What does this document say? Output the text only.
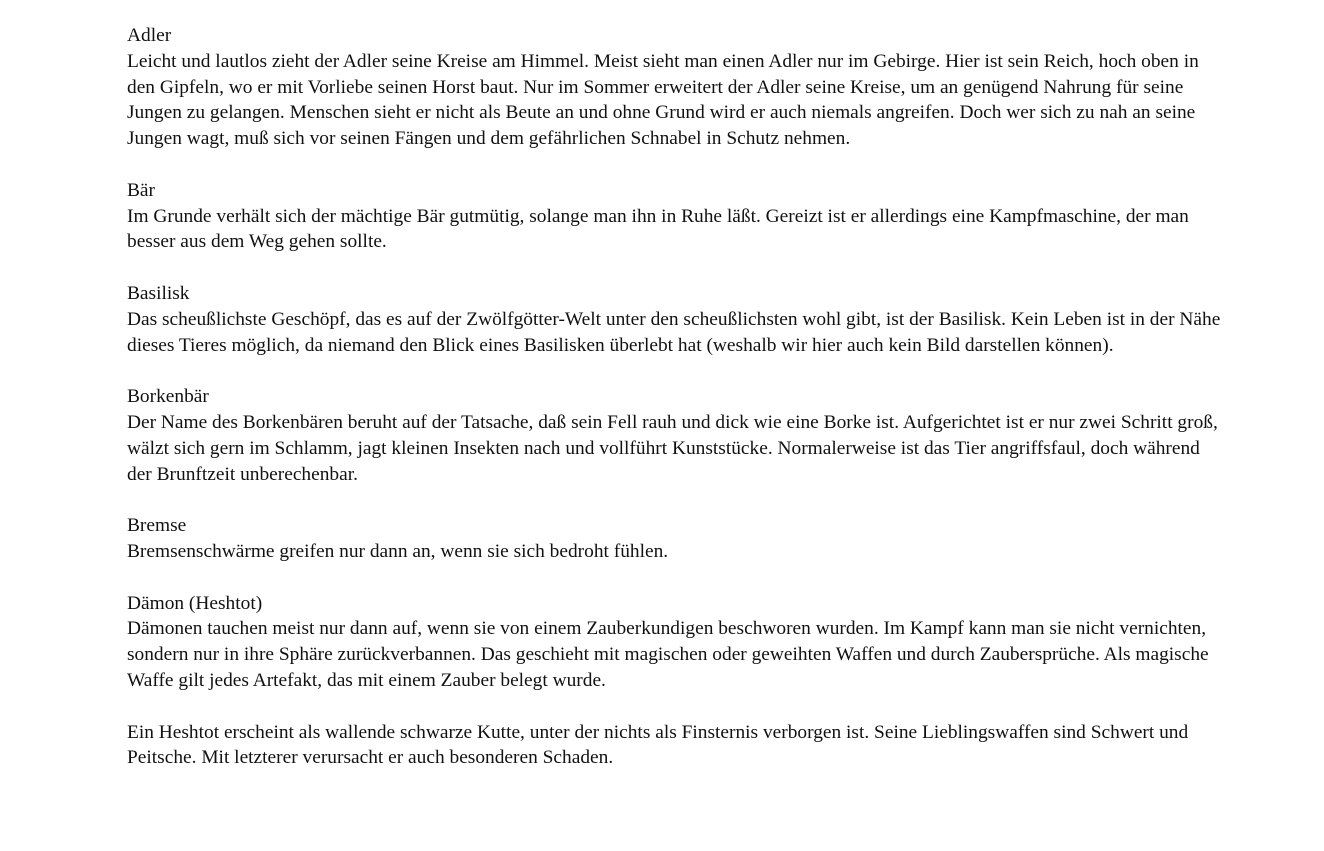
Adler

Leicht und lautlos zieht der Adler seine Kreise am Himmel. Meist sieht man einen Adler nur im Gebirge. Hier ist sein Reich, hoch oben in den Gipfeln, wo er mit Vorliebe seinen Horst baut. Nur im Sommer erweitert der Adler seine Kreise, um an genügend Nahrung für seine Jungen zu gelangen. Menschen sieht er nicht als Beute an und ohne Grund wird er auch niemals angreifen. Doch wer sich zu nah an seine Jungen wagt, muß sich vor seinen Fängen und dem gefährlichen Schnabel in Schutz nehmen.

Bär

Im Grunde verhält sich der mächtige Bär gutmütig, solange man ihn in Ruhe läßt. Gereizt ist er allerdings eine Kampfmaschine, der man besser aus dem Weg gehen sollte.

Basilisk

Das scheußlichste Geschöpf, das es auf der Zwölfgötter-Welt unter den scheußlichsten wohl gibt, ist der Basilisk. Kein Leben ist in der Nähe dieses Tieres möglich, da niemand den Blick eines Basilisken überlebt hat (weshalb wir hier auch kein Bild darstellen können).

Borkenbär

Der Name des Borkenbären beruht auf der Tatsache, daß sein Fell rauh und dick wie eine Borke ist. Aufgerichtet ist er nur zwei Schritt groß, wälzt sich gern im Schlamm, jagt kleinen Insekten nach und vollführt Kunststücke. Normalerweise ist das Tier angriffsfaul, doch während der Brunftzeit unberechenbar.

Bremse

Bremsenschwärme greifen nur dann an, wenn sie sich bedroht fühlen.

Dämon (Heshtot)

Dämonen tauchen meist nur dann auf, wenn sie von einem Zauberkundigen beschworen wurden. Im Kampf kann man sie nicht vernichten, sondern nur in ihre Sphäre zurückverbannen. Das geschieht mit magischen oder geweihten Waffen und durch Zaubersprüche. Als magische Waffe gilt jedes Artefakt, das mit einem Zauber belegt wurde.

Ein Heshtot erscheint als wallende schwarze Kutte, unter der nichts als Finsternis verborgen ist. Seine Lieblingswaffen sind Schwert und Peitsche. Mit letzterer verursacht er auch besonderen Schaden.
